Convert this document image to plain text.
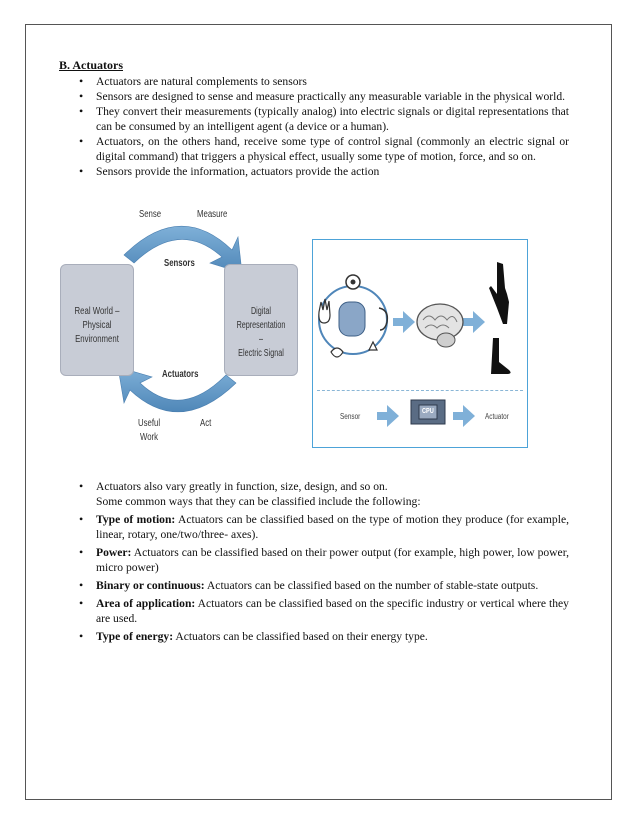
B. Actuators
• Actuators are natural complements to sensors
• Sensors are designed to sense and measure practically any measurable variable in the physical world.
• They convert their measurements (typically analog) into electric signals or digital representations that can be consumed by an intelligent agent (a device or a human).
• Actuators, on the others hand, receive some type of control signal (commonly an electric signal or digital command) that triggers a physical effect, usually some type of motion, force, and so on.
• Sensors provide the information, actuators provide the action
Sense	Measure
Sensors
Real World –
Physical Environment
Digital Representation –
Electric Signal
Actuators
Useful
Work
Act
Sensor
CPU
Actuator
• Actuators also vary greatly in function, size, design, and so on.
Some common ways that they can be classified include the following:
• Type of motion: Actuators can be classified based on the type of motion they produce (for example, linear, rotary, one/two/three- axes).
• Power: Actuators can be classified based on their power output (for example, high power, low power, micro power)
• Binary or continuous: Actuators can be classified based on the number of stable-state outputs.
• Area of application: Actuators can be classified based on the specific industry or vertical where they are used.
• Type of energy: Actuators can be classified based on their energy type.
